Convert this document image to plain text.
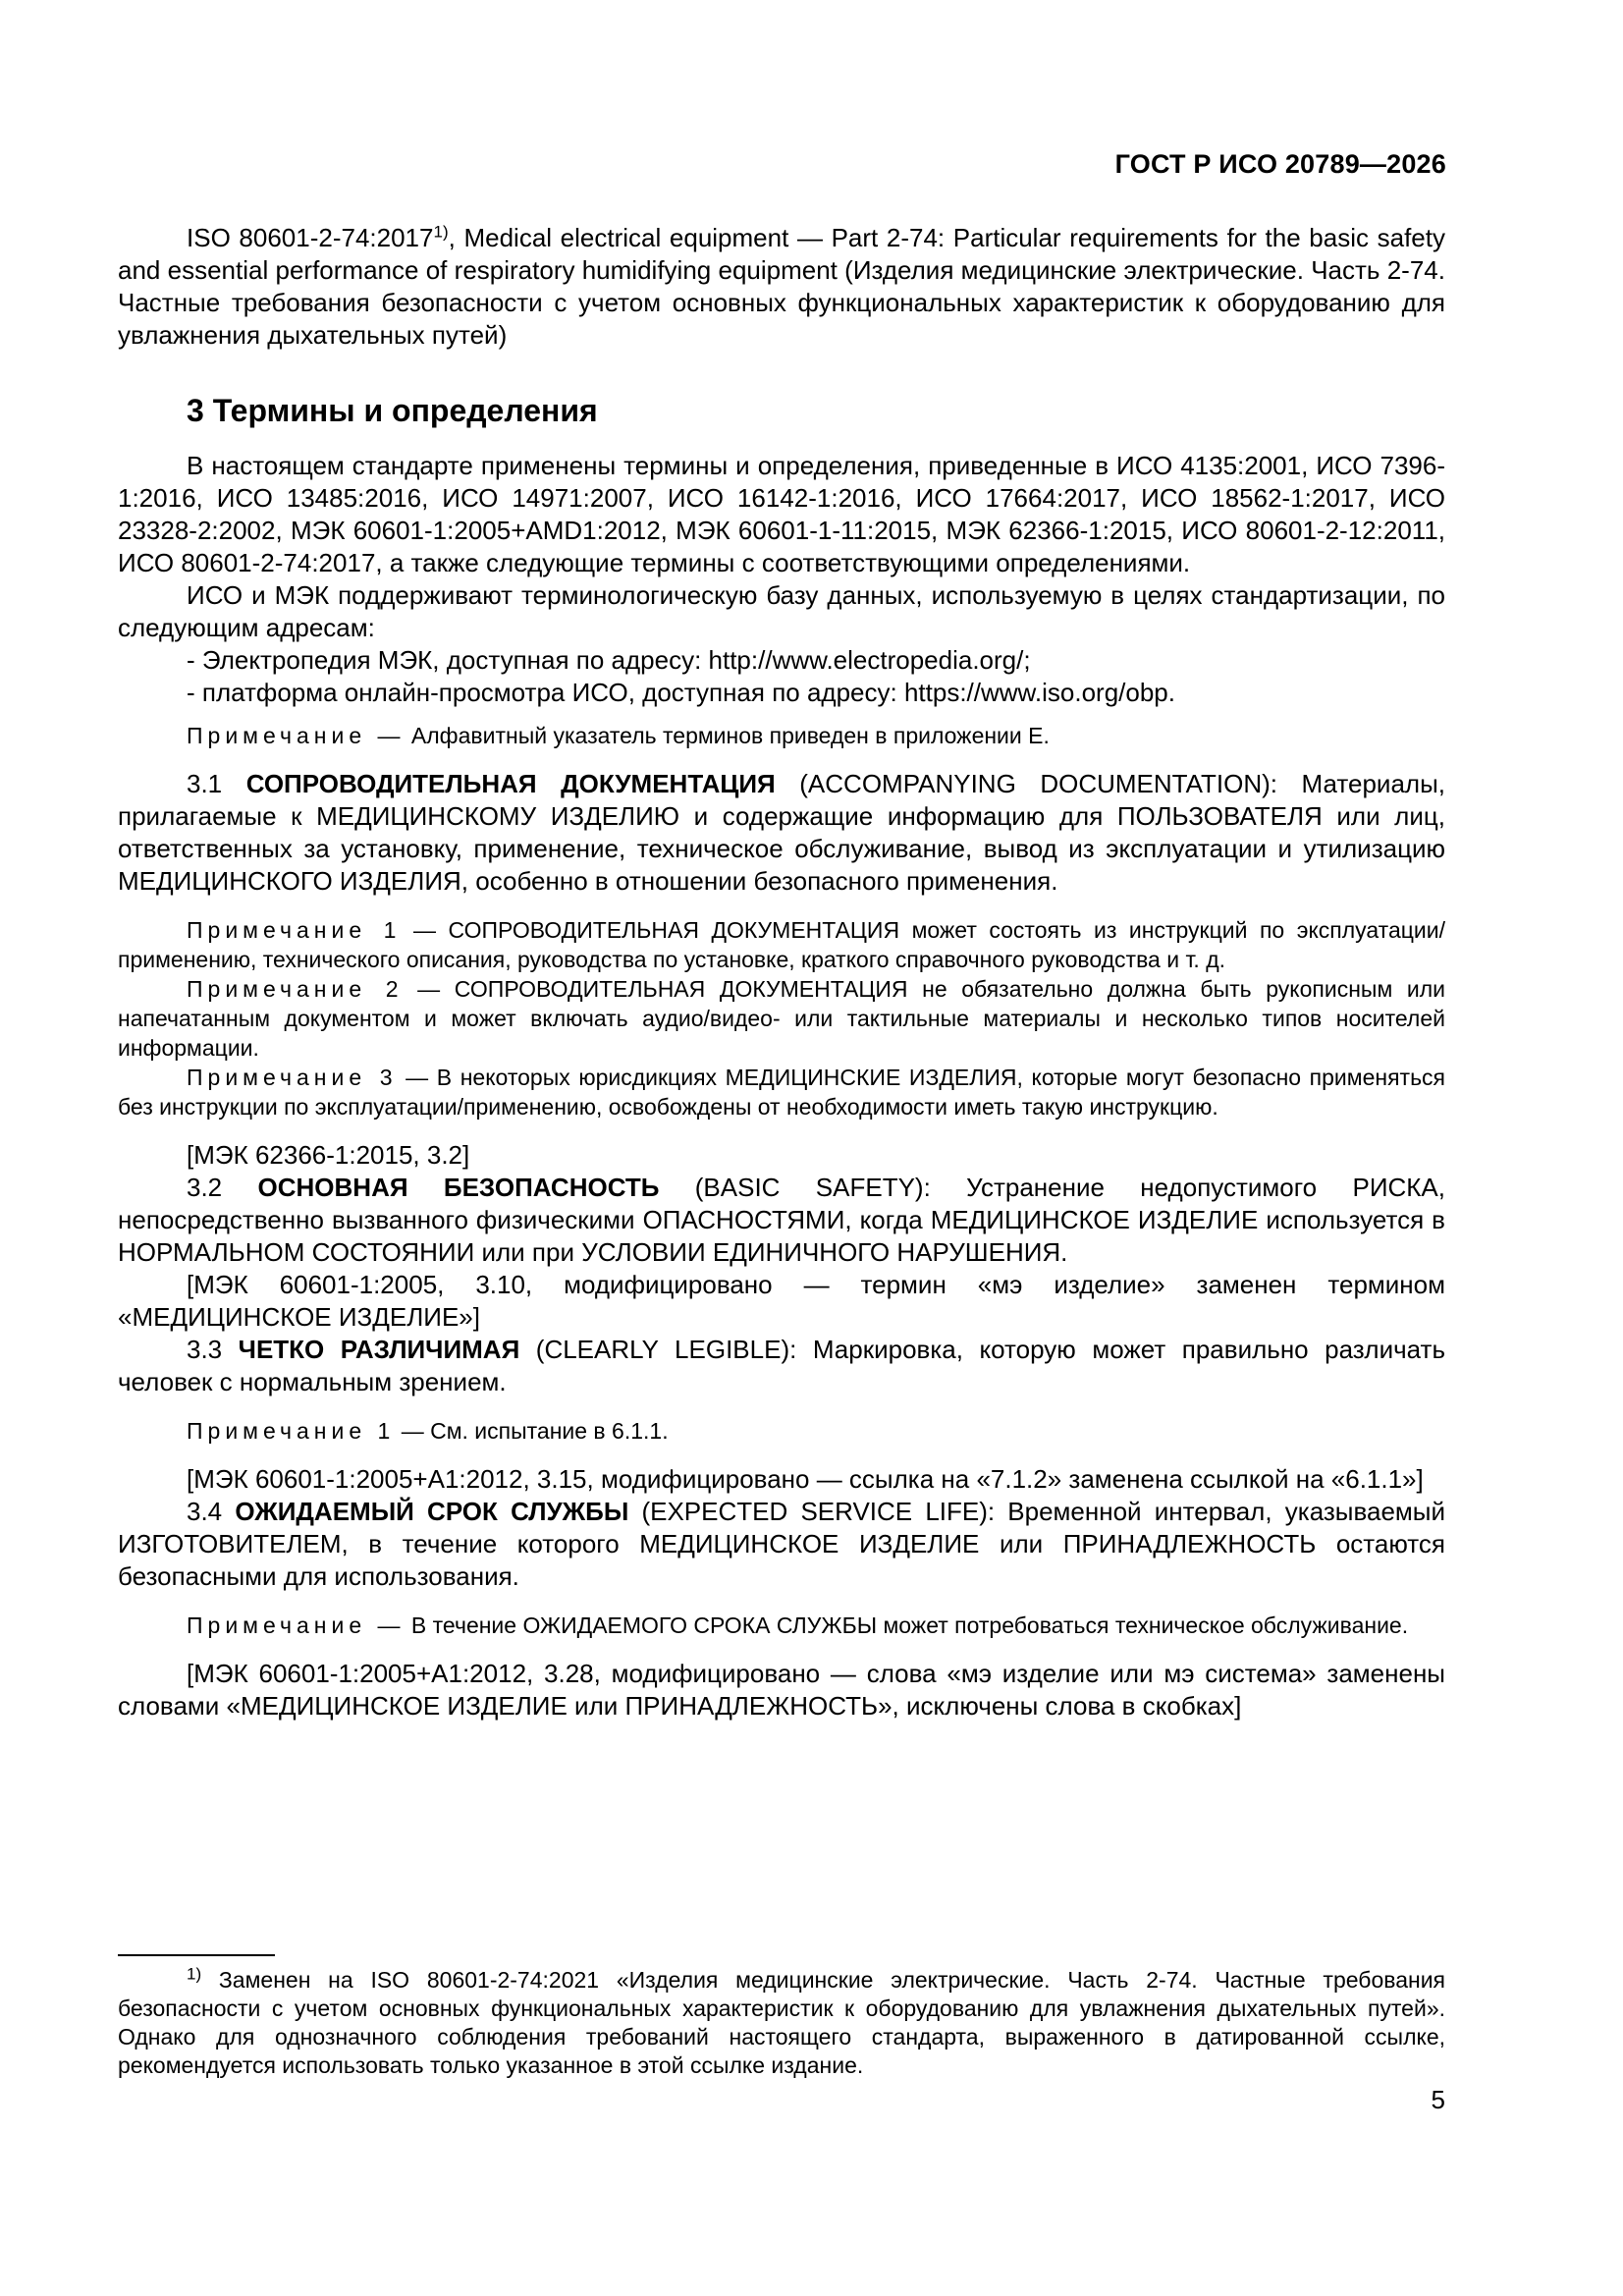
ГОСТ Р ИСО 20789—2026

ISO 80601-2-74:2017$^{1)}$, Medical electrical equipment — Part 2-74: Particular requirements for the basic safety and essential performance of respiratory humidifying equipment (Изделия медицинские электрические. Часть 2-74. Частные требования безопасности с учетом основных функциональных характеристик к оборудованию для увлажнения дыхательных путей)

3 Термины и определения

В настоящем стандарте применены термины и определения, приведенные в ИСО 4135:2001, ИСО 7396-1:2016, ИСО 13485:2016, ИСО 14971:2007, ИСО 16142-1:2016, ИСО 17664:2017, ИСО 18562-1:2017, ИСО 23328-2:2002, МЭК 60601-1:2005+AMD1:2012, МЭК 60601-1-11:2015, МЭК 62366-1:2015, ИСО 80601-2-12:2011, ИСО 80601-2-74:2017, а также следующие термины с соответствующими определениями.

ИСО и МЭК поддерживают терминологическую базу данных, используемую в целях стандартизации, по следующим адресам:

- Электропедия МЭК, доступная по адресу: http://www.electropedia.org/;

- платформа онлайн-просмотра ИСО, доступная по адресу: https://www.iso.org/obp.

Примечание — Алфавитный указатель терминов приведен в приложении Е.

3.1 СОПРОВОДИТЕЛЬНАЯ ДОКУМЕНТАЦИЯ (ACCOMPANYING DOCUMENTATION): Материалы, прилагаемые к МЕДИЦИНСКОМУ ИЗДЕЛИЮ и содержащие информацию для ПОЛЬЗОВАТЕЛЯ или лиц, ответственных за установку, применение, техническое обслуживание, вывод из эксплуатации и утилизацию МЕДИЦИНСКОГО ИЗДЕЛИЯ, особенно в отношении безопасного применения.

Примечание 1 — СОПРОВОДИТЕЛЬНАЯ ДОКУМЕНТАЦИЯ может состоять из инструкций по эксплуатации/применению, технического описания, руководства по установке, краткого справочного руководства и т. д.

Примечание 2 — СОПРОВОДИТЕЛЬНАЯ ДОКУМЕНТАЦИЯ не обязательно должна быть рукописным или напечатанным документом и может включать аудио/видео- или тактильные материалы и несколько типов носителей информации.

Примечание 3 — В некоторых юрисдикциях МЕДИЦИНСКИЕ ИЗДЕЛИЯ, которые могут безопасно применяться без инструкции по эксплуатации/применению, освобождены от необходимости иметь такую инструкцию.

[МЭК 62366-1:2015, 3.2]

3.2 ОСНОВНАЯ БЕЗОПАСНОСТЬ (BASIC SAFETY): Устранение недопустимого РИСКА, непосредственно вызванного физическими ОПАСНОСТЯМИ, когда МЕДИЦИНСКОЕ ИЗДЕЛИЕ используется в НОРМАЛЬНОМ СОСТОЯНИИ или при УСЛОВИИ ЕДИНИЧНОГО НАРУШЕНИЯ.

[МЭК 60601-1:2005, 3.10, модифицировано — термин «мэ изделие» заменен термином «МЕДИЦИНСКОЕ ИЗДЕЛИЕ»]

3.3 ЧЕТКО РАЗЛИЧИМАЯ (CLEARLY LEGIBLE): Маркировка, которую может правильно различать человек с нормальным зрением.

Примечание 1 — См. испытание в 6.1.1.

[МЭК 60601-1:2005+A1:2012, 3.15, модифицировано — ссылка на «7.1.2» заменена ссылкой на «6.1.1»]

3.4 ОЖИДАЕМЫЙ СРОК СЛУЖБЫ (EXPECTED SERVICE LIFE): Временной интервал, указываемый ИЗГОТОВИТЕЛЕМ, в течение которого МЕДИЦИНСКОЕ ИЗДЕЛИЕ или ПРИНАДЛЕЖНОСТЬ остаются безопасными для использования.

Примечание — В течение ОЖИДАЕМОГО СРОКА СЛУЖБЫ может потребоваться техническое обслуживание.

[МЭК 60601-1:2005+A1:2012, 3.28, модифицировано — слова «мэ изделие или мэ система» заменены словами «МЕДИЦИНСКОЕ ИЗДЕЛИЕ или ПРИНАДЛЕЖНОСТЬ», исключены слова в скобках]

$^{1)}$ Заменен на ISO 80601-2-74:2021 «Изделия медицинские электрические. Часть 2-74. Частные требования безопасности с учетом основных функциональных характеристик к оборудованию для увлажнения дыхательных путей». Однако для однозначного соблюдения требований настоящего стандарта, выраженного в датированной ссылке, рекомендуется использовать только указанное в этой ссылке издание.

5
